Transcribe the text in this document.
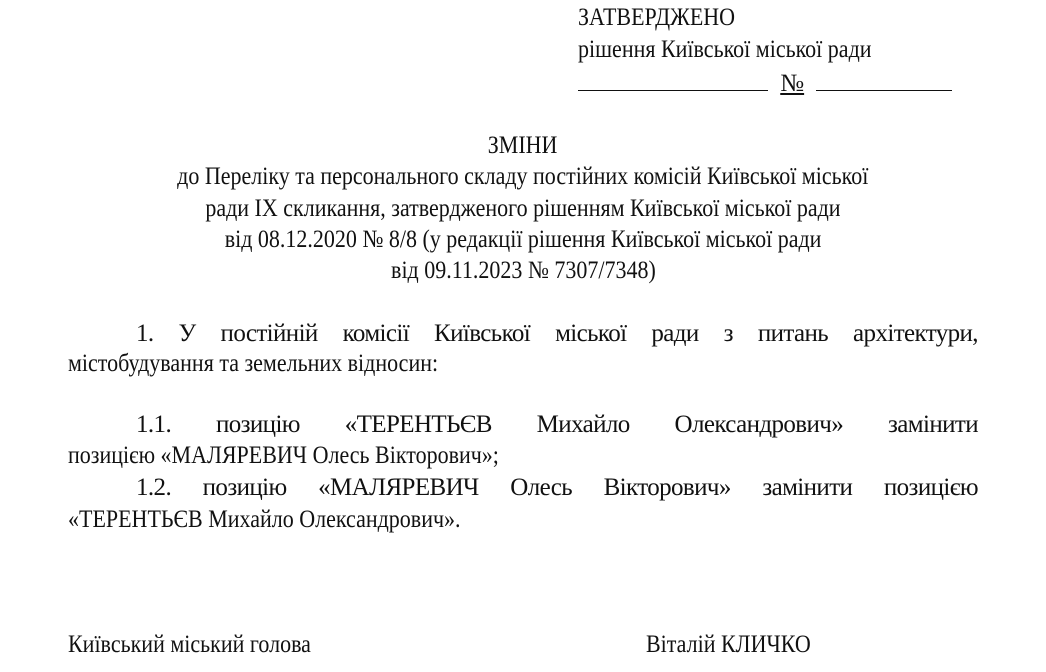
ЗАТВЕРДЖЕНО
рішення Київської міської ради
№
ЗМІНИ
до Переліку та персонального складу постійних комісій Київської міської
ради IX скликання, затвердженого рішенням Київської міської ради
від 08.12.2020 № 8/8 (у редакції рішення Київської міської ради
від 09.11.2023 № 7307/7348)
1. У постійній комісії Київської міської ради з питань архітектури,
містобудування та земельних відносин:
1.1. позицію «ТЕРЕНТЬЄВ Михайло Олександрович» замінити
позицією «МАЛЯРЕВИЧ Олесь Вікторович»;
1.2. позицію «МАЛЯРЕВИЧ Олесь Вікторович» замінити позицією
«ТЕРЕНТЬЄВ Михайло Олександрович».
Київський міський голова	Віталій КЛИЧКО
